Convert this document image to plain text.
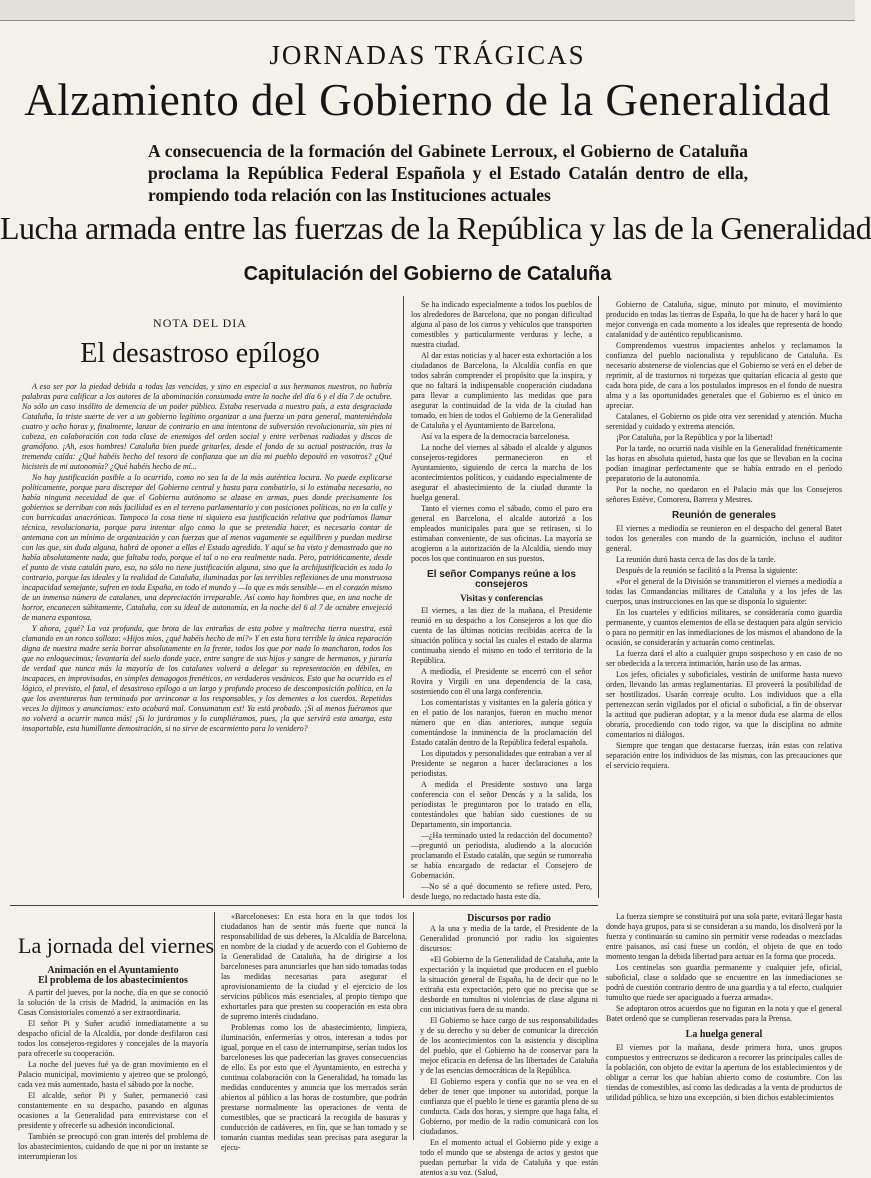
JORNADAS TRÁGICAS
Alzamiento del Gobierno de la Generalidad
A consecuencia de la formación del Gabinete Lerroux, el Gobierno de Cataluña proclama la República Federal Española y el Estado Catalán dentro de ella, rompiendo toda relación con las Instituciones actuales
Lucha armada entre las fuerzas de la República y las de la Generalidad
Capitulación del Gobierno de Cataluña
NOTA DEL DIA
El desastroso epílogo

A eso ser por la piedad debida a todas las vencidas, y sino en especial a sus hermanos nuestros, no habría palabras para calificar a los autores de la abominación consumada entre la noche del día 6 y el día 7 de octubre. No sólo un caso insólito de demencia de un poder público. Estaba reservada a nuestro país, a esta desgraciada Cataluña, la triste suerte de ver a un gobierno legítimo organizar a una fuerza un para general, manteniéndola cuatro y ocho horas y, finalmente, lanzar de contrario en una intentona de subversión revolucionaria, sin pies ni cabeza, en colaboración con toda clase de enemigos del orden social y entre verbenas radiadas y discos de gramófono. ¡Ah, esos hombres! Cataluña bien puede gritarles, desde el fondo de su actual postración, tras la tremenda caída: ¿Qué habéis hecho del tesoro de confianza que un día mi pueblo depositó en vosotros? ¿Qué hicisteis de mi autonomía? ¿Qué habéis hecho de mí...

No hay justificación posible a lo ocurrido, como no sea la de la más auténtica locura. No puede explicarse políticamente, porque para discrepar del Gobierno central y hasta para combatirlo, si lo estimaba necesario, no había ninguna necesidad de que el Gobierno autónomo se alzase en armas, pues donde precisamente los gobiernos se derriban con más facilidad es en el terreno parlamentario y con posiciones políticas, no en la calle y con barricadas anacrónicas. Tampoco la cosa tiene ni siquiera esa justificación relativa que podríamos llamar técnica, revolucionaria, porque para intentar algo como lo que se pretendía hacer, es necesario contar de antemano con un mínimo de organización y con fuerzas que al menos vagamente se equilibren y puedan medirse con las que, sin duda alguna, habrá de oponer a ellas el Estado agredido. Y aquí se ha visto y demostrado que no había absolutamente nada, que faltaba todo, porque el tal o no era realmente nada. Pero, patrióticamente, desde el punto de vista catalán puro, eso, no sólo no tiene justificación alguna, sino que la archijustificación es todo lo contrario, porque las ideales y la realidad de Cataluña, iluminadas por las terribles reflexiones de una monstruosa incapacidad semejante, sufren en toda España, en todo el mundo y —lo que es más sensible— en el corazón mismo de un inmenso número de catalanes, una depreciación irreparable. Así como hay hombres que, en una noche de horror, encanecen súbitamente, Cataluña, con su ideal de autonomía, en la noche del 6 al 7 de octubre envejeció de manera espantosa.

Y ahora, ¿qué? La voz profunda, que brota de las entrañas de esta pobre y maltrecha tierra nuestra, está clamando en un ronco sollozo: «Hijos míos, ¿qué habéis hecho de mí?» Y en esta hora terrible la única reparación digna de nuestra madre sería borrar absolutamente en la frente, todos los que por nada lo mancharon, todos los que no enloquecimos; levantaría del suelo donde yace, entre sangre de sus hijos y sangre de hermanos, y juraría de verdad que nunca más la mayoría de los catalanes volverá a delegar su representación en débiles, en incapaces, en improvisados, en simples demagogos frenéticos, en verdaderos vesánicos. Esto que ha ocurrido es el lógico, el previsto, el fatal, el desastroso epílogo a un largo y profundo proceso de descomposición política, en la que los aventureros han terminado por arrinconar a los responsables, y los dementes a los cuerdos. Repetidas veces lo dijimos y anunciamos: esto acabará mal. Consumatum est! Ya está probado. ¡Si al menos fuéramos que no volverá a ocurrir nunca más! ¡Si lo juráramos y lo cumpliéramos, pues, ¡la que servirá esta amarga, esta insoportable, esta humillante demostración, si no sirve de escarmiento para lo venidero?

Se ha indicado especialmente a todos los pueblos de los alrededores de Barcelona, que no pongan dificultad alguna al paso de los carros y vehículos que transporten comestibles y particularmente verduras y leche, a nuestra ciudad.

Al dar estas noticias y al hacer esta exhortación a los ciudadanos de Barcelona, la Alcaldía confía en que todos sabrán comprender el propósito que la inspira, y que no faltará la indispensable cooperación ciudadana para llevar a cumplimiento las medidas que para asegurar la continuidad de la vida de la ciudad han tomado, en bien de todos el Gobierno de la Generalidad de Cataluña y el Ayuntamiento de Barcelona.

Así va la espera de la democracia barcelonesa.

La noche del viernes al sábado el alcalde y algunos consejeros-regidores permanecieron en el Ayuntamiento, siguiendo de cerca la marcha de los acontecimientos políticos, y cuidando especialmente de asegurar el abastecimiento de la ciudad durante la huelga general.

Tanto el viernes como el sábado, como el paro era general en Barcelona, el alcalde autorizó a los empleados municipales para que se retirasen, si lo estimaban conveniente, de sus oficinas. La mayoría se acogieron a la autorización de la Alcaldía, siendo muy pocos los que continuaron en sus puestos.

El señor Companys reúne a los consejeros
Visitas y conferencias

El viernes, a las diez de la mañana, el Presidente reunió en su despacho a los Consejeros a los que dio cuenta de las últimas noticias recibidas acerca de la situación política y social las cuales el estado de alarma continuaba siendo el mismo en todo el territorio de la República.

A mediodía, el Presidente se encerró con el señor Rovira y Virgili en una dependencia de la casa, sosteniendo con él una larga conferencia.

Los comentaristas y visitantes en la galería gótica y en el patio de los naranjos, fueron en mucho menor número que en días anteriores, aunque seguía comentándose la inminencia de la proclamación del Estado catalán dentro de la República federal española.

Los diputados y personalidades que entraban a ver al Presidente se negaron a hacer declaraciones a los periodistas.

A medida el Presidente sostuvo una larga conferencia con el señor Dencás y a la salida, los periodistas le preguntaron por lo tratado en ella, contestándoles que habían sido cuestiones de su Departamento, sin importancia.

—¿Ha terminado usted la redacción del documento? —preguntó un periodista, aludiendo a la alocución proclamando el Estado catalán, que según se rumoreaba se había encargado de redactar el Consejero de Gobernación.

—No sé a qué documento se refiere usted. Pero, desde luego, no redactado hasta este día.

Gobierno de Cataluña, sigue, minuto por minuto, el movimiento producido en todas las tierras de España, lo que ha de hacer y hará lo que mejor convenga en cada momento a los ideales que representa de hondo catalanidad y de auténtico republicanismo.

Comprendemos vuestros impacientes anhelos y reclamamos la confianza del pueblo nacionalista y republicano de Cataluña. Es necesario abstenerse de violencias que el Gobierno se verá en el deber de reprimir, al de trastornos ni torpezas que quitarían eficacia al gesto que cada hora pide, de cara a los postulados impresos en el fondo de nuestra alma y a las oportunidades generales que el Gobierno es el único en apreciar.

Catalanes, el Gobierno os pide otra vez serenidad y atención. Mucha serenidad y cuidado y extrema atención.

¡Por Cataluña, por la República y por la libertad!

Por la tarde, no ocurrió nada visible en la Generalidad frenéticamente las horas en absoluta quietud, hasta que los que se llevaban en la cocina podían imaginar perfectamente que se había entrado en el período preparatorio de la autonomía.

Por la noche, no quedaron en el Palacio más que los Consejeros señores Estève, Comorera, Barrera y Mestres.

Reunión de generales

El viernes a mediodía se reunieron en el despacho del general Batet todos los generales con mando de la guarnición, incluso el auditor general.

La reunión duró hasta cerca de las dos de la tarde.

Después de la reunión se facilitó a la Prensa la siguiente:

«Por el general de la División se transmitieron el viernes a mediodía a todas las Comandancias militares de Cataluña y a los jefes de las cuerpos, unas instrucciones en las que se disponía lo siguiente:

En los cuarteles y edificios militares, se consideraría como guardia permanente, y cuantos elementos de ella se destaquen para algún servicio o para no permitir en las inmediaciones de los mismos el abandono de la ocasión, se considerarán y actuarán como centinelas.

La fuerza dará el alto a cualquier grupo sospechoso y en caso de no ser obedecida a la tercera intimación, harán uso de las armas.

Los jefes, oficiales y suboficiales, vestirán de uniforme hasta nuevo orden, llevando las armas reglamentarias. El proveerá la posibilidad de ser hostilizados. Usarán correaje oculto. Los individuos que a ella pertenezcan serán vigilados por el oficial o suboficial, a fin de observar la actitud que pudieran adoptar, y a la menor duda ese alarma de ellos obraría, procediendo con todo rigor, va que la disciplina no admite comentarios ni diálogos.

Siempre que tengan que destacarse fuerzas, irán estas con relativa separación entre los individuos de las mismas, con las precauciones que el servicio requiera.

La jornada del viernes
Animación en el Ayuntamiento
El problema de los abastecimientos

A partir del jueves, por la noche, día en que se conoció la solución de la crisis de Madrid, la animación en las Casas Consistoriales comenzó a ser extraordinaria.

El señor Pi y Suñer acudió inmediatamente a su despacho oficial de la Alcaldía, por donde desfilaron casi todos los consejeros-regidores y concejales de la mayoría para ofrecerle su cooperación.

La noche del jueves fué ya de gran movimiento en el Palacio municipal, movimiento y ajetreo que se prolongó, cada vez más aumentado, hasta el sábado por la noche.

El alcalde, señor Pi y Suñer, permaneció casi constantemente en su despacho, pasando en algunas ocasiones a la Generalidad para entrevistarse con el presidente y ofrecerle su adhesión incondicional.

También se preocupó con gran interés del problema de los abastecimientos, cuidando de que ni por un instante se interrumpieran los

«Barceloneses: En esta hora en la que todos los ciudadanos han de sentir más fuerte que nunca la responsabilidad de sus deberes, la Alcaldía de Barcelona, en nombre de la ciudad y de acuerdo con el Gobierno de la Generalidad de Cataluña, ha de dirigirse a los barceloneses para anunciarles que han sido tomadas todas las medidas necesarias para asegurar el aprovisionamiento de la ciudad y el ejercicio de los servicios públicos más esenciales, al propio tiempo que exhortarles para que presten su cooperación en esta obra de supremo interés ciudadano.

Problemas como los de abastecimiento, limpieza, iluminación, enfermerías y otros, interesan a todos por igual, porque en el caso de interrumpirse, serían todos los barceloneses los que padecerían las graves consecuencias de ello. Es por esto que el Ayuntamiento, en estrecha y continua colaboración con la Generalidad, ha tomado las medidas conducentes y anuncia que los mercados serán abiertos al público a las horas de costumbre, que podrán prestarse normalmente las operaciones de venta de comestibles, que se practicará la recogida de basuras y conducción de cadáveres, en fin, que se han tomado y se tomarán cuantas medidas sean precisas para asegurar la ejecu-

Discursos por radio

A la una y media de la tarde, el Presidente de la Generalidad pronunció por radio los siguientes discursos:

«El Gobierno de la Generalidad de Cataluña, ante la expectación y la inquietud que producen en el pueblo la situación general de España, ha de decir que no le extraña esta expectación, pero que no precisa que se desborde en tumultos ni violencias de clase alguna ni con iniciativas fuera de su mando.

El Gobierno se hace cargo de sus responsabilidades y de su derecho y su deber de comunicar la dirección de los acontecimientos con la asistencia y disciplina del pueblo, que el Gobierno ha de conservar para la mejor eficacia en defensa de las libertades de Cataluña y de las esencias democráticas de la República.

El Gobierno espera y confía que no se vea en el deber de tener que imponer su autoridad, porque la confianza que el pueblo le tiene es garantía plena de su conducta. Cada dos horas, y siempre que haga falta, el Gobierno, por medio de la radio comunicará con los ciudadanos.

En el momento actual el Gobierno pide y exige a todo el mundo que se abstenga de actos y gestos que puedan perturbar la vida de Cataluña y que están atentos a su voz. (Salud,

La fuerza siempre se constituirá por una sola parte, evitará llegar hasta donde haya grupos, para si se consideran a su mando, los disolverá por la fuerza y continuarán su camino sin permitir verse rodeadas o mezcladas entre paisanos, así casi fuese un cordón, el objeto de que en todo momento tengan la debida libertad para actuar en la forma que proceda.

Los centinelas son guardia permanente y cualquier jefe, oficial, suboficial, clase o soldado que se encuentre en las inmediaciones se podrá de cuestión contrario dentro de una guardia y a tal efecto, cualquier tumulto que ruede ser apaciguado a fuerza armada».

Se adoptaron otros acuerdos que no figuran en la nota y que el general Batet ordenó que se cumplieran reservadas para la Prensa.

La huelga general

El viernes por la mañana, desde primera hora, unos grupos compuestos y entrecruzos se dedicaron a recorrer las principales calles de la población, con objeto de evitar la apertura de los establecimientos y de obligar a cerrar los que habían abierto como de costumbre. Con las tiendas de comestibles, así como las dedicadas a la venta de productos de utilidad pública, se hizo una excepción, si bien dichos establecimientos
